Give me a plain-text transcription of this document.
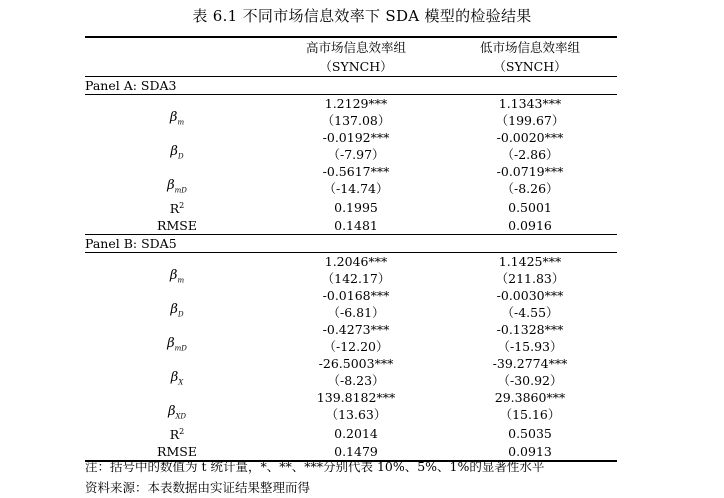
表 6.1 不同市场信息效率下 SDA 模型的检验结果
	高市场信息效率组	低市场信息效率组
	（SYNCH）	（SYNCH）
Panel A: SDA3		
$\beta_m$	1.2129***	1.1343***
	（137.08）	（199.67）
$\beta_D$	-0.0192***	-0.0020***
	（-7.97）	（-2.86）
$\beta_{mD}$	-0.5617***	-0.0719***
	（-14.74）	（-8.26）
$R^2$	0.1995	0.5001
RMSE	0.1481	0.0916
Panel B: SDA5		
$\beta_m$	1.2046***	1.1425***
	（142.17）	（211.83）
$\beta_D$	-0.0168***	-0.0030***
	（-6.81）	（-4.55）
$\beta_{mD}$	-0.4273***	-0.1328***
	（-12.20）	（-15.93）
$\beta_X$	-26.5003***	-39.2774***
	（-8.23）	（-30.92）
$\beta_{XD}$	139.8182***	29.3860***
	（13.63）	（15.16）
$R^2$	0.2014	0.5035
RMSE	0.1479	0.0913
注：括号中的数值为 t 统计量，*、**、***分别代表 10%、5%、1%的显著性水平
资料来源：本表数据由实证结果整理而得
